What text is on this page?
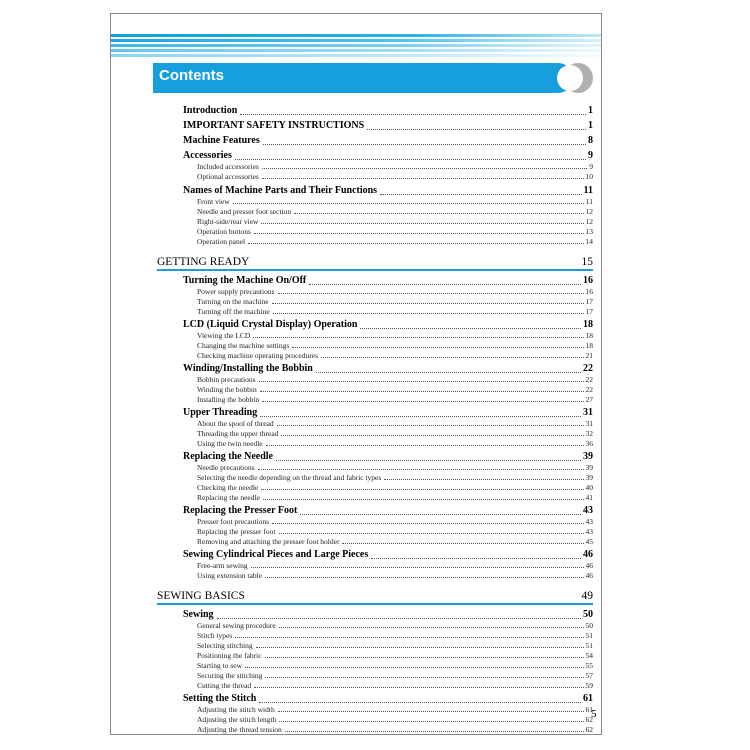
Contents
Introduction	1
IMPORTANT SAFETY INSTRUCTIONS	1
Machine Features	8
Accessories	9
Included accessories	9
Optional accessories	10
Names of Machine Parts and Their Functions	11
Front view	11
Needle and presser foot section	12
Right-side/rear view	12
Operation buttons	13
Operation panel	14
GETTING READY	15
Turning the Machine On/Off	16
Power supply precautions	16
Turning on the machine	17
Turning off the machine	17
LCD (Liquid Crystal Display) Operation	18
Viewing the LCD	18
Changing the machine settings	18
Checking machine operating procedures	21
Winding/Installing the Bobbin	22
Bobbin precautions	22
Winding the bobbin	22
Installing the bobbin	27
Upper Threading	31
About the spool of thread	31
Threading the upper thread	32
Using the twin needle	36
Replacing the Needle	39
Needle precautions	39
Selecting the needle depending on the thread and fabric types	39
Checking the needle	40
Replacing the needle	41
Replacing the Presser Foot	43
Presser foot precautions	43
Replacing the presser foot	43
Removing and attaching the presser foot holder	45
Sewing Cylindrical Pieces and Large Pieces	46
Free-arm sewing	46
Using extension table	46
SEWING BASICS	49
Sewing	50
General sewing procedure	50
Stitch types	51
Selecting stitching	51
Positioning the fabric	54
Starting to sew	55
Securing the stitching	57
Cutting the thread	59
Setting the Stitch	61
Adjusting the stitch width	61
Adjusting the stitch length	62
Adjusting the thread tension	62
5
